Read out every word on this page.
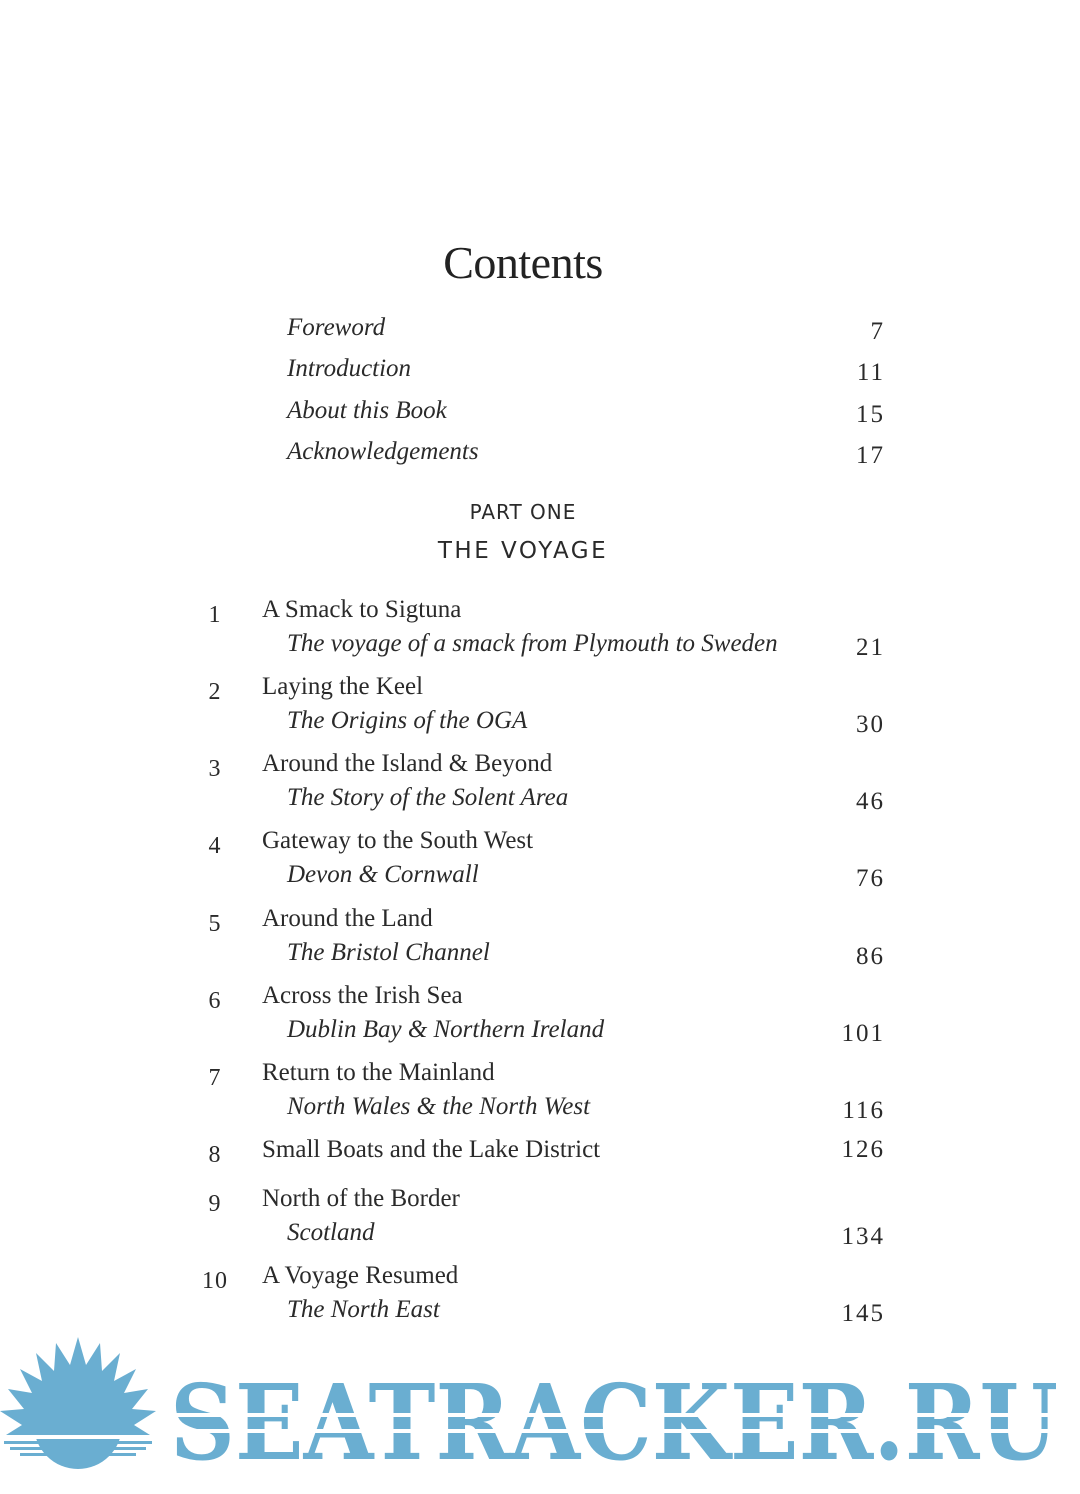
Contents
Foreword	7
Introduction	11
About this Book	15
Acknowledgements	17
PART ONE
THE VOYAGE
1	A Smack to Sigtuna
The voyage of a smack from Plymouth to Sweden	21
2	Laying the Keel
The Origins of the OGA	30
3	Around the Island & Beyond
The Story of the Solent Area	46
4	Gateway to the South West
Devon & Cornwall	76
5	Around the Land
The Bristol Channel	86
6	Across the Irish Sea
Dublin Bay & Northern Ireland	101
7	Return to the Mainland
North Wales & the North West	116
8	Small Boats and the Lake District	126
9	North of the Border
Scotland	134
10 A Voyage Resumed
The North East	145
SEATRACKER.RU
